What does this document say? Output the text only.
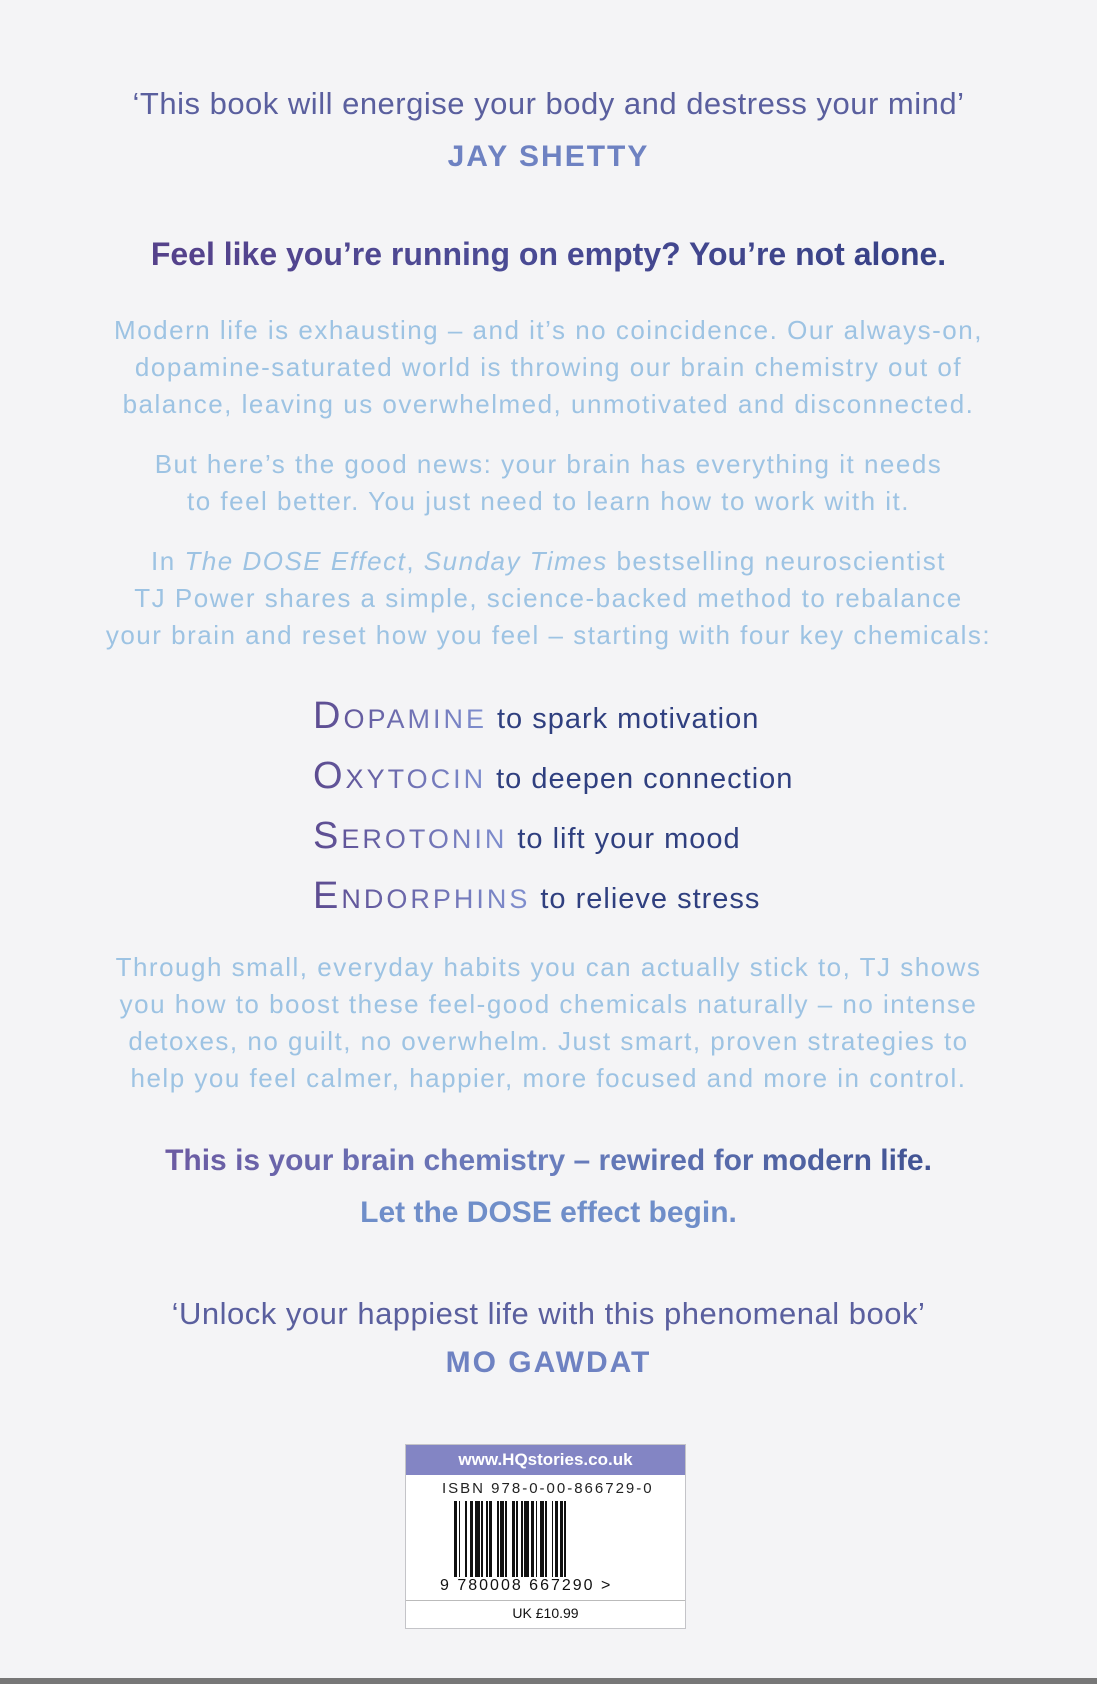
‘This book will energise your body and destress your mind’
JAY SHETTY
Feel like you’re running on empty? You’re not alone.
Modern life is exhausting – and it’s no coincidence. Our always-on,
dopamine-saturated world is throwing our brain chemistry out of
balance, leaving us overwhelmed, unmotivated and disconnected.
But here’s the good news: your brain has everything it needs
to feel better. You just need to learn how to work with it.
In The DOSE Effect, Sunday Times bestselling neuroscientist
TJ Power shares a simple, science-backed method to rebalance
your brain and reset how you feel – starting with four key chemicals:
Dopamine to spark motivation
Oxytocin to deepen connection
Serotonin to lift your mood
Endorphins to relieve stress
Through small, everyday habits you can actually stick to, TJ shows
you how to boost these feel-good chemicals naturally – no intense
detoxes, no guilt, no overwhelm. Just smart, proven strategies to
help you feel calmer, happier, more focused and more in control.
This is your brain chemistry – rewired for modern life.
Let the DOSE effect begin.
‘Unlock your happiest life with this phenomenal book’
MO GAWDAT
www.HQstories.co.uk
ISBN 978-0-00-866729-0
9 780008 667290 >
UK £10.99
